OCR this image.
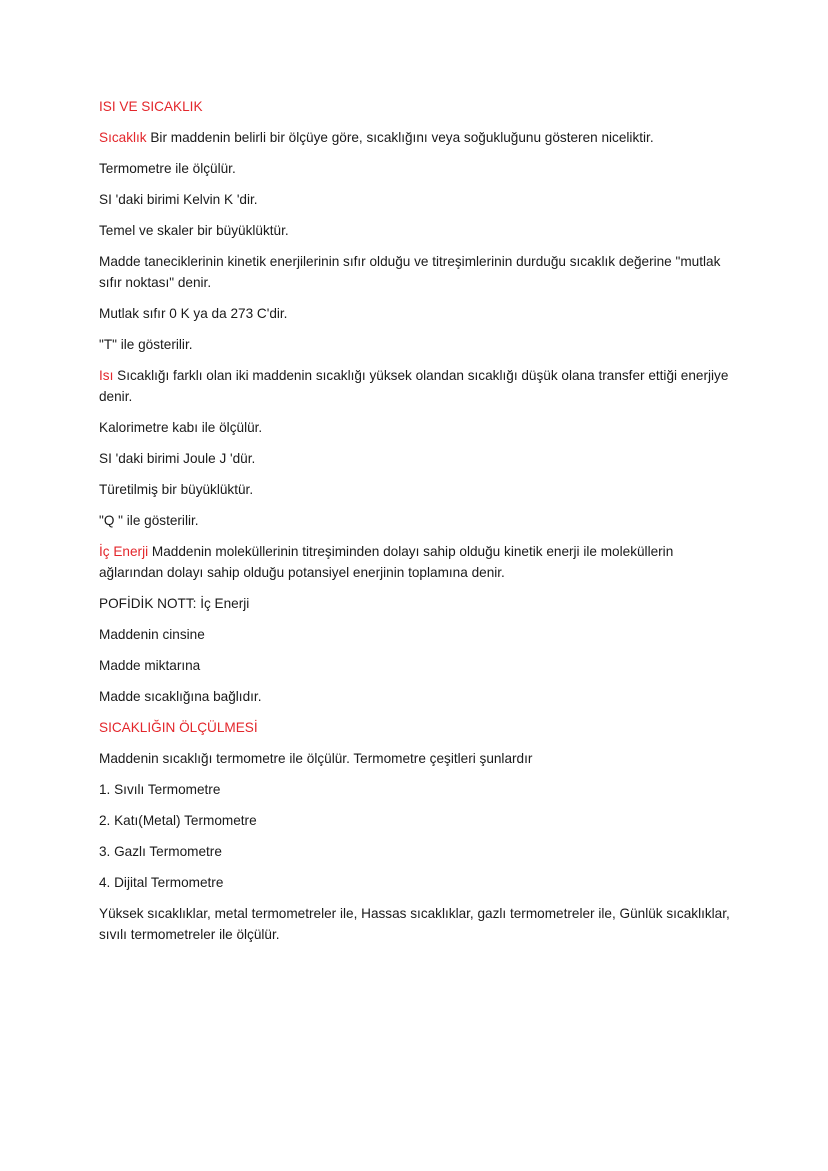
ISI VE SICAKLIK

Sıcaklık Bir maddenin belirli bir ölçüye göre, sıcaklığını veya soğukluğunu gösteren niceliktir.

Termometre ile ölçülür.

SI 'daki birimi Kelvin K 'dir.

Temel ve skaler bir büyüklüktür.

Madde taneciklerinin kinetik enerjilerinin sıfır olduğu ve titreşimlerinin durduğu sıcaklık değerine "mutlak sıfır noktası" denir.

Mutlak sıfır 0 K ya da 273 C'dir.

"T" ile gösterilir.

Isı Sıcaklığı farklı olan iki maddenin sıcaklığı yüksek olandan sıcaklığı düşük olana transfer ettiği enerjiye denir.

Kalorimetre kabı ile ölçülür.

SI 'daki birimi Joule J 'dür.

Türetilmiş bir büyüklüktür.

"Q " ile gösterilir.

İç Enerji Maddenin moleküllerinin titreşiminden dolayı sahip olduğu kinetik enerji ile moleküllerin ağlarından dolayı sahip olduğu potansiyel enerjinin toplamına denir.

POFİDİK NOTT: İç Enerji

Maddenin cinsine

Madde miktarına

Madde sıcaklığına bağlıdır.

SICAKLIĞIN ÖLÇÜLMESİ

Maddenin sıcaklığı termometre ile ölçülür. Termometre çeşitleri şunlardır

1. Sıvılı Termometre

2. Katı(Metal) Termometre

3. Gazlı Termometre

4. Dijital Termometre

Yüksek sıcaklıklar, metal termometreler ile, Hassas sıcaklıklar, gazlı termometreler ile, Günlük sıcaklıklar, sıvılı termometreler ile ölçülür.
